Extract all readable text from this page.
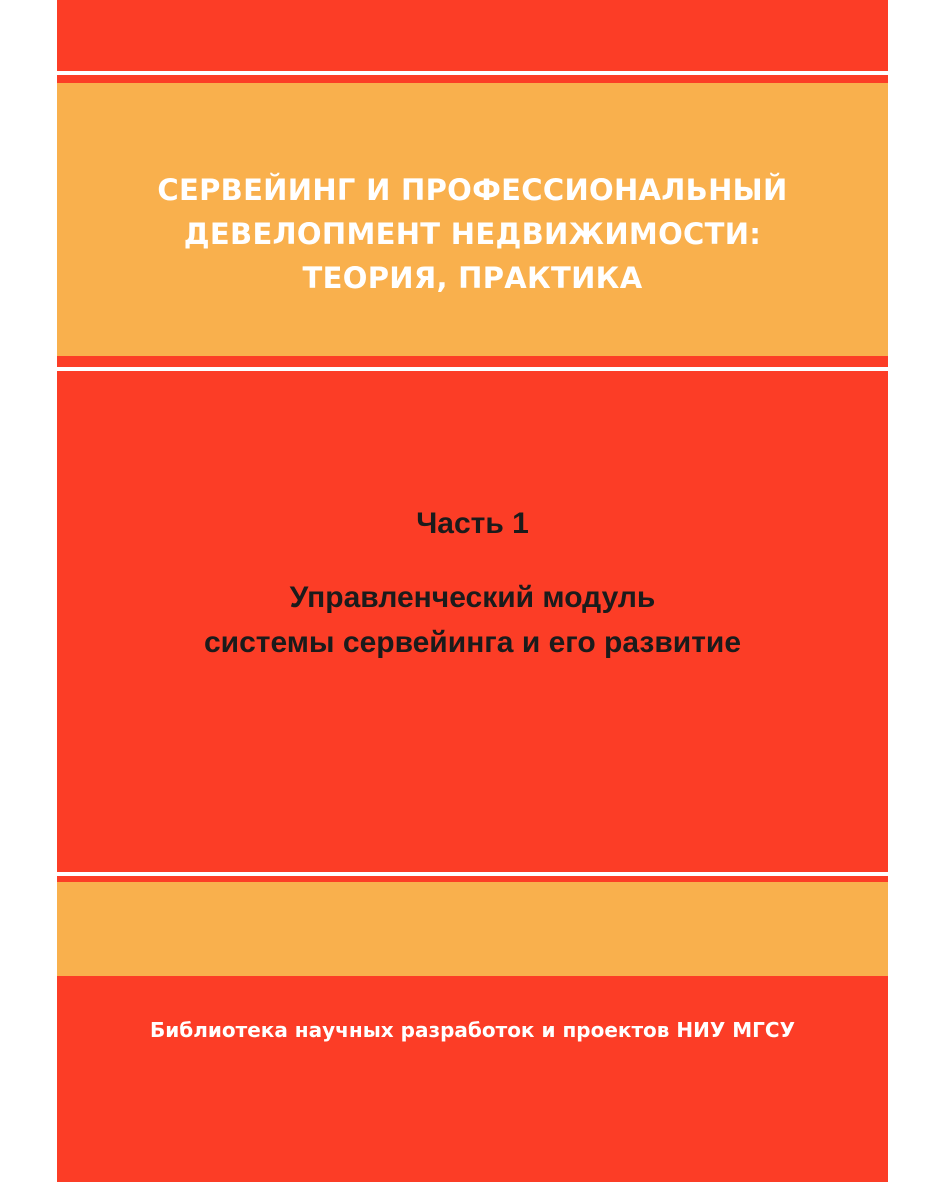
СЕРВЕЙИНГ И ПРОФЕССИОНАЛЬНЫЙ
ДЕВЕЛОПМЕНТ НЕДВИЖИМОСТИ:
ТЕОРИЯ, ПРАКТИКА
Часть 1
Управленческий модуль
системы сервейинга и его развитие
Библиотека научных разработок и проектов НИУ МГСУ
